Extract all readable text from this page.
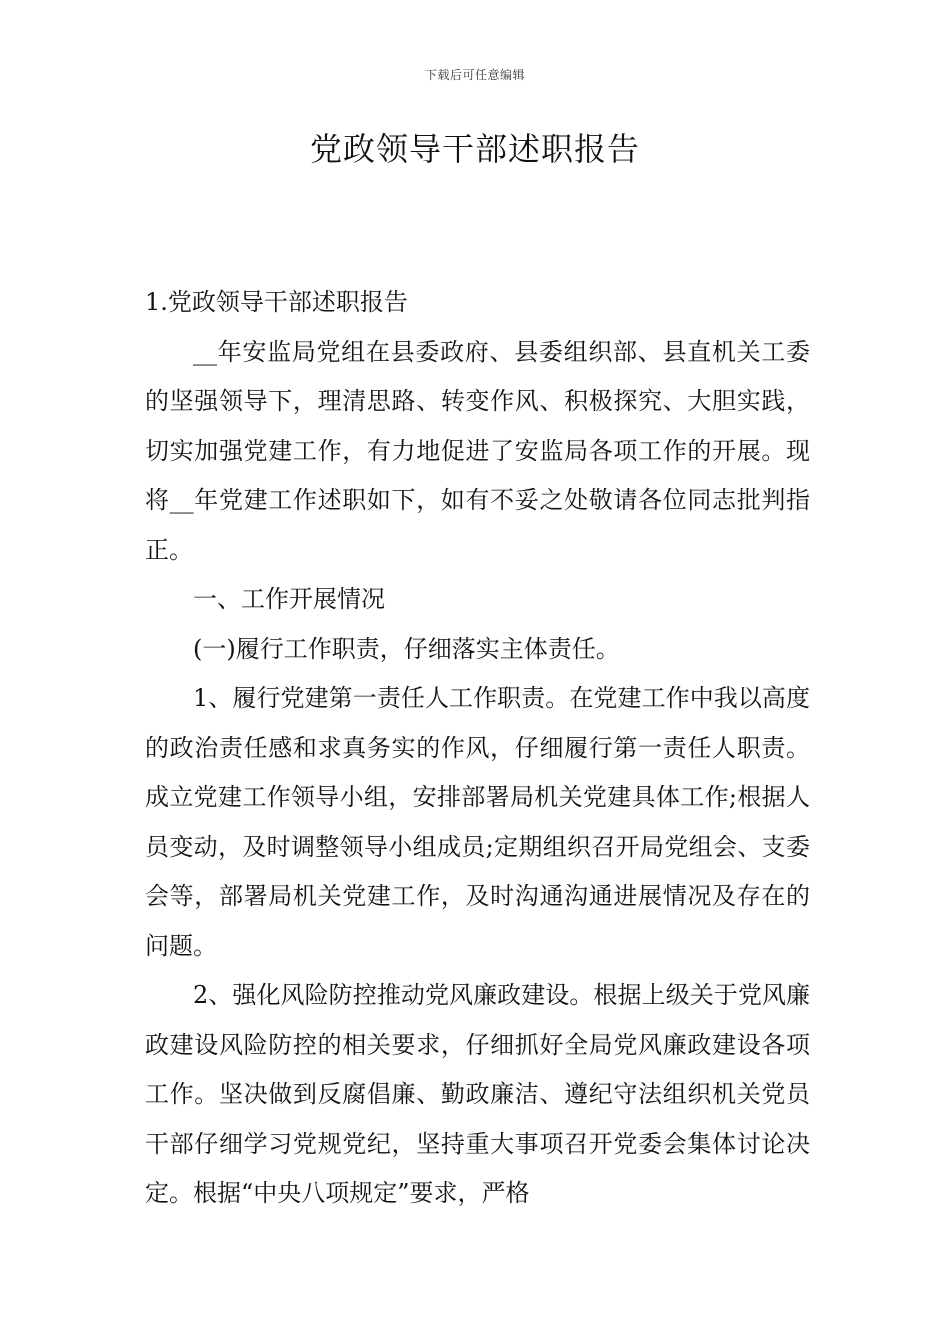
下载后可任意编辑
党政领导干部述职报告

1.党政领导干部述职报告

__年安监局党组在县委政府、县委组织部、县直机关工委的坚强领导下，理清思路、转变作风、积极探究、大胆实践，切实加强党建工作，有力地促进了安监局各项工作的开展。现将__年党建工作述职如下，如有不妥之处敬请各位同志批判指正。

一、工作开展情况

(一)履行工作职责，仔细落实主体责任。

1、履行党建第一责任人工作职责。在党建工作中我以高度的政治责任感和求真务实的作风，仔细履行第一责任人职责。成立党建工作领导小组，安排部署局机关党建具体工作;根据人员变动，及时调整领导小组成员;定期组织召开局党组会、支委会等，部署局机关党建工作，及时沟通沟通进展情况及存在的问题。

2、强化风险防控推动党风廉政建设。根据上级关于党风廉政建设风险防控的相关要求，仔细抓好全局党风廉政建设各项工作。坚决做到反腐倡廉、勤政廉洁、遵纪守法组织机关党员干部仔细学习党规党纪，坚持重大事项召开党委会集体讨论决定。根据“中央八项规定”要求，严格
